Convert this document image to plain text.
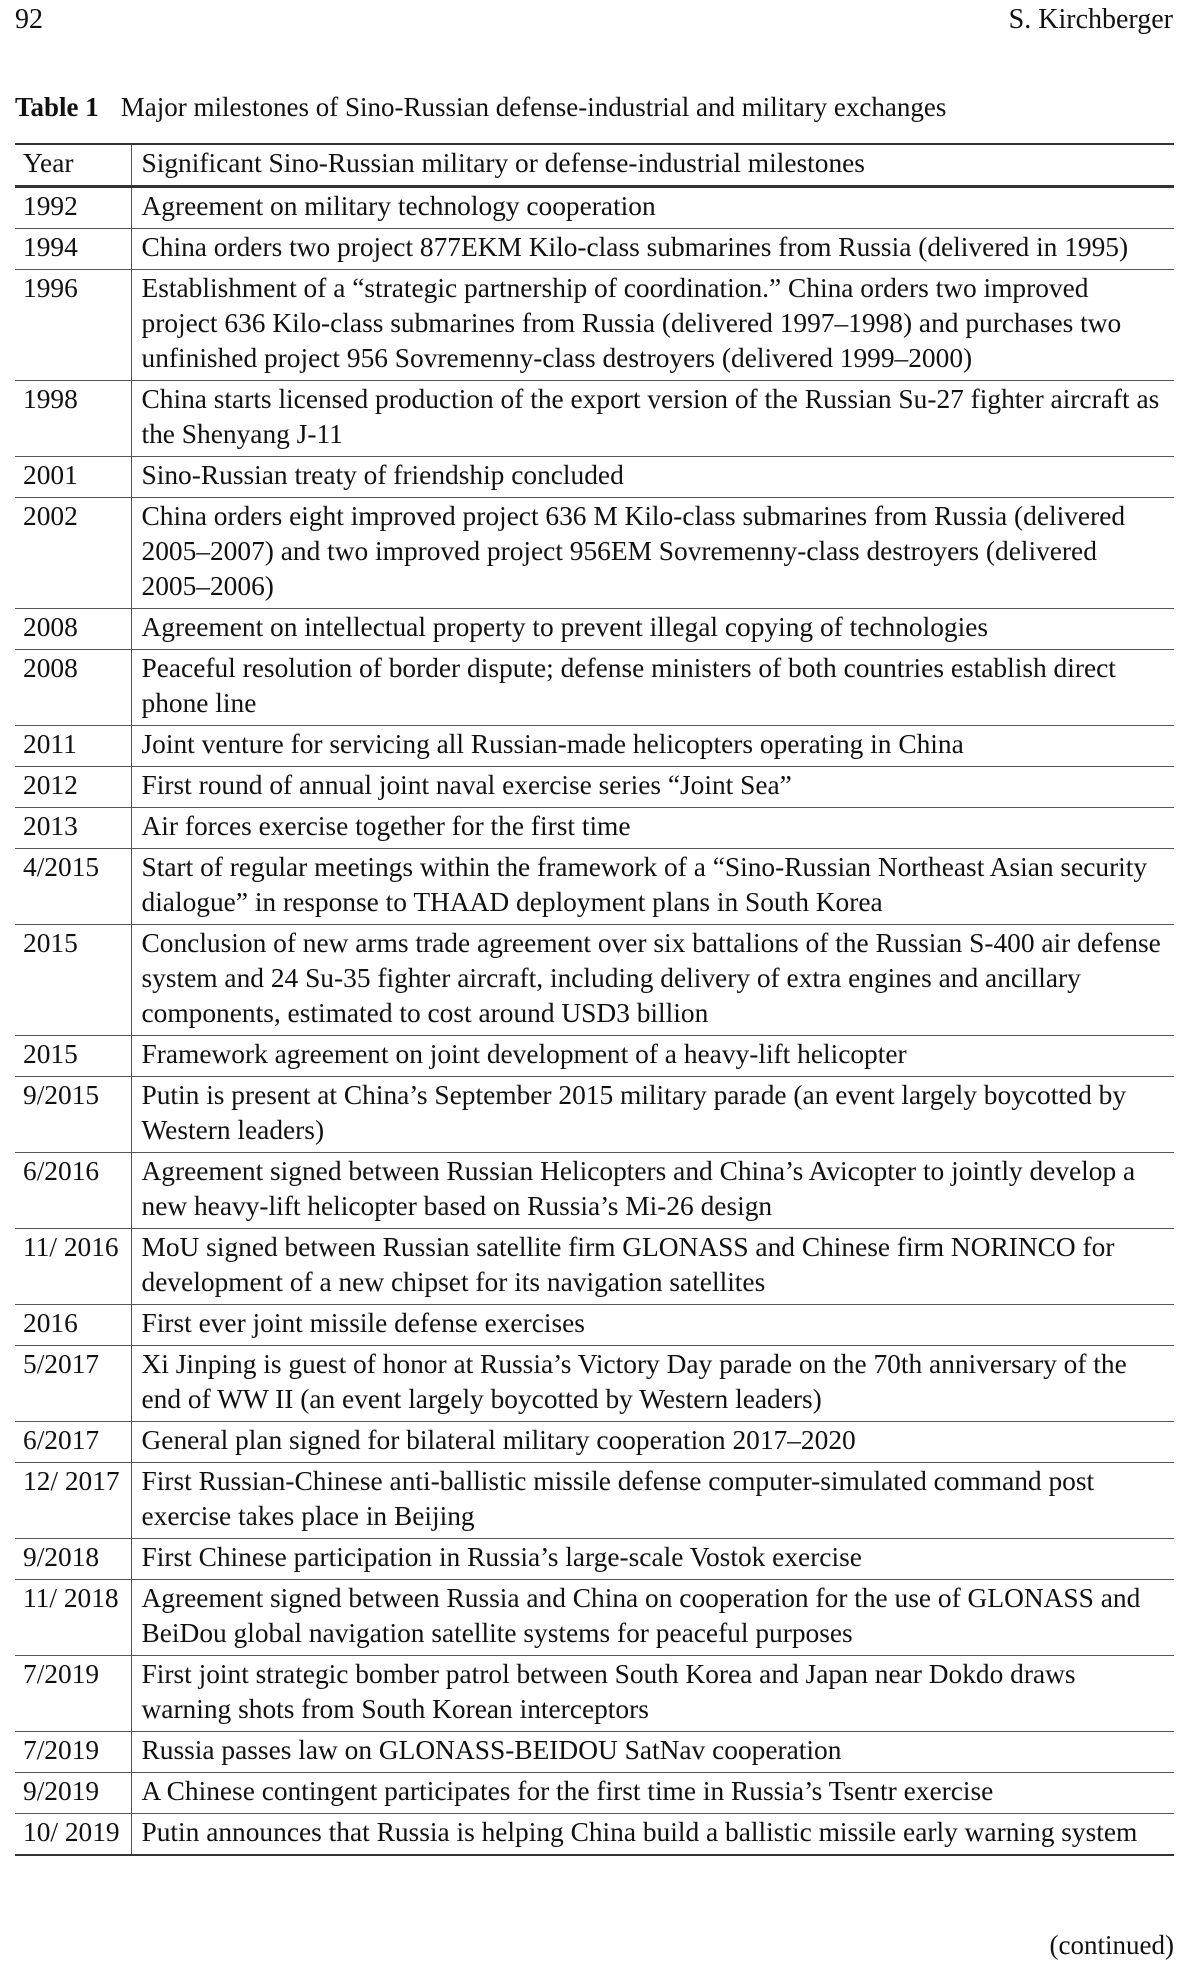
92	S. Kirchberger
Table 1 Major milestones of Sino-Russian defense-industrial and military exchanges
Year	Significant Sino-Russian military or defense-industrial milestones
1992	Agreement on military technology cooperation
1994	China orders two project 877EKM Kilo-class submarines from Russia (delivered in 1995)
1996	Establishment of a “strategic partnership of coordination.” China orders two improved project 636 Kilo-class submarines from Russia (delivered 1997–1998) and purchases two unfinished project 956 Sovremenny-class destroyers (delivered 1999–2000)
1998	China starts licensed production of the export version of the Russian Su-27 fighter aircraft as the Shenyang J-11
2001	Sino-Russian treaty of friendship concluded
2002	China orders eight improved project 636 M Kilo-class submarines from Russia (delivered 2005–2007) and two improved project 956EM Sovremenny-class destroyers (delivered 2005–2006)
2008	Agreement on intellectual property to prevent illegal copying of technologies
2008	Peaceful resolution of border dispute; defense ministers of both countries establish direct phone line
2011	Joint venture for servicing all Russian-made helicopters operating in China
2012	First round of annual joint naval exercise series “Joint Sea”
2013	Air forces exercise together for the first time
4/2015	Start of regular meetings within the framework of a “Sino-Russian Northeast Asian security dialogue” in response to THAAD deployment plans in South Korea
2015	Conclusion of new arms trade agreement over six battalions of the Russian S-400 air defense system and 24 Su-35 fighter aircraft, including delivery of extra engines and ancillary components, estimated to cost around USD3 billion
2015	Framework agreement on joint development of a heavy-lift helicopter
9/2015	Putin is present at China’s September 2015 military parade (an event largely boycotted by Western leaders)
6/2016	Agreement signed between Russian Helicopters and China’s Avicopter to jointly develop a new heavy-lift helicopter based on Russia’s Mi-26 design
11/ 2016	MoU signed between Russian satellite firm GLONASS and Chinese firm NORINCO for development of a new chipset for its navigation satellites
2016	First ever joint missile defense exercises
5/2017	Xi Jinping is guest of honor at Russia’s Victory Day parade on the 70th anniversary of the end of WW II (an event largely boycotted by Western leaders)
6/2017	General plan signed for bilateral military cooperation 2017–2020
12/ 2017	First Russian-Chinese anti-ballistic missile defense computer-simulated command post exercise takes place in Beijing
9/2018	First Chinese participation in Russia’s large-scale Vostok exercise
11/ 2018	Agreement signed between Russia and China on cooperation for the use of GLONASS and BeiDou global navigation satellite systems for peaceful purposes
7/2019	First joint strategic bomber patrol between South Korea and Japan near Dokdo draws warning shots from South Korean interceptors
7/2019	Russia passes law on GLONASS-BEIDOU SatNav cooperation
9/2019	A Chinese contingent participates for the first time in Russia’s Tsentr exercise
10/ 2019	Putin announces that Russia is helping China build a ballistic missile early warning system
(continued)
